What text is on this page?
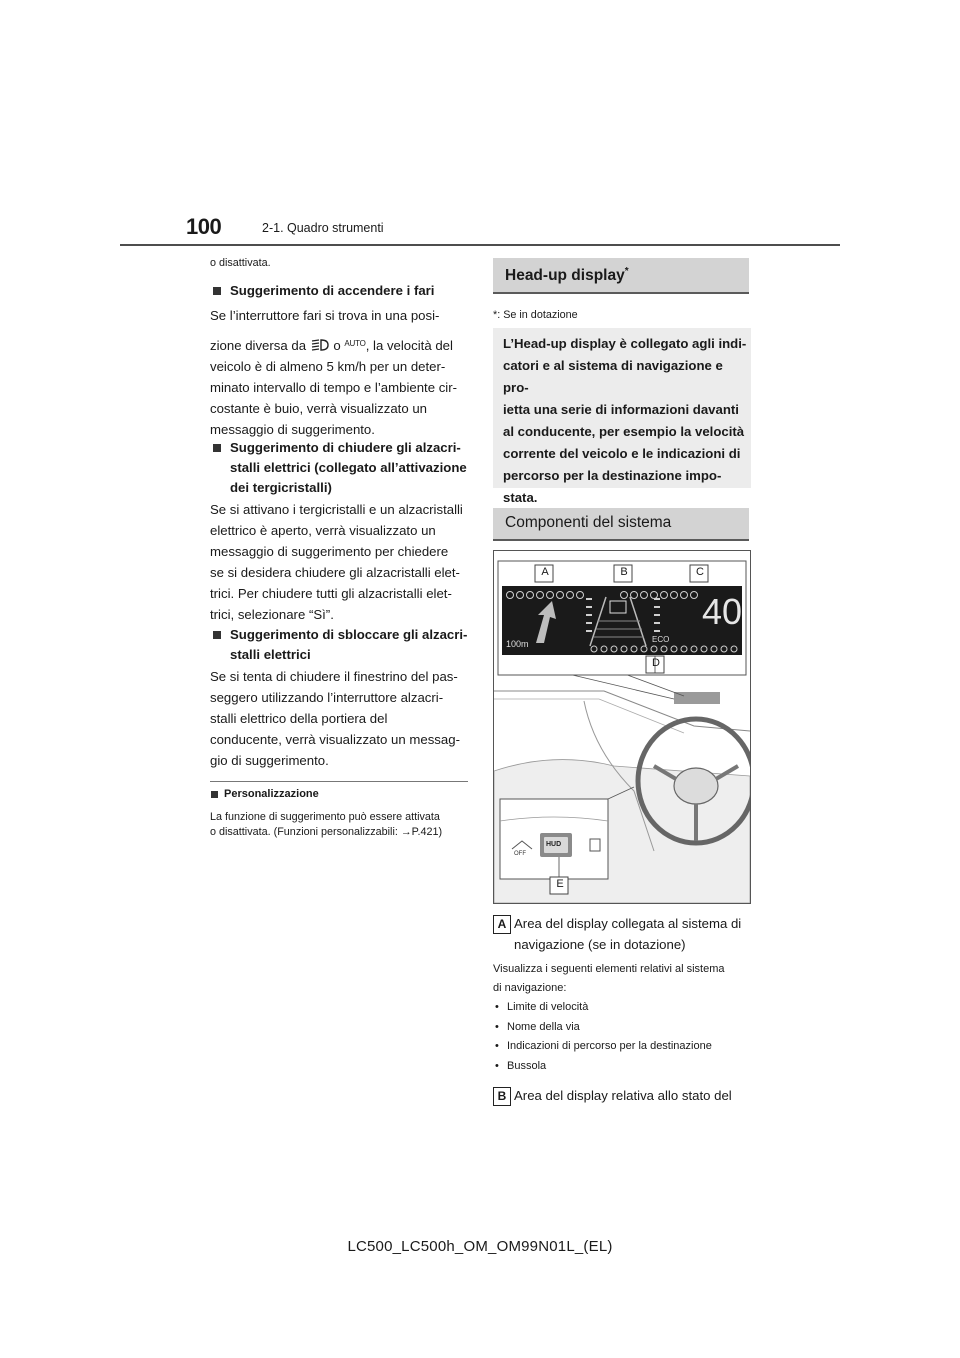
100	2-1. Quadro strumenti
o disattivata.
Suggerimento di accendere i fari
Se l’interruttore fari si trova in una posi-
zione diversa da o AUTO, la velocità del
veicolo è di almeno 5 km/h per un deter-
minato intervallo di tempo e l’ambiente cir-
costante è buio, verrà visualizzato un
messaggio di suggerimento.
Suggerimento di chiudere gli alzacri-
stalli elettrici (collegato all’attivazione
dei tergicristalli)
Se si attivano i tergicristalli e un alzacristalli
elettrico è aperto, verrà visualizzato un
messaggio di suggerimento per chiedere
se si desidera chiudere gli alzacristalli elet-
trici. Per chiudere tutti gli alzacristalli elet-
trici, selezionare “Sì”.
Suggerimento di sbloccare gli alzacri-
stalli elettrici
Se si tenta di chiudere il finestrino del pas-
seggero utilizzando l’interruttore alzacri-
stalli elettrico della portiera del
conducente, verrà visualizzato un messag-
gio di suggerimento.
Personalizzazione
La funzione di suggerimento può essere attivata
o disattivata. (Funzioni personalizzabili: →P.421)
Head-up display*
*: Se in dotazione
L’Head-up display è collegato agli indi-
catori e al sistema di navigazione e pro-
ietta una serie di informazioni davanti
al conducente, per esempio la velocità
corrente del veicolo e le indicazioni di
percorso per la destinazione impo-
stata.
Componenti del sistema
A	B	C
D
E
40
100m	ECO
HUD
OFF
A Area del display collegata al sistema di
navigazione (se in dotazione)
Visualizza i seguenti elementi relativi al sistema
di navigazione:
• Limite di velocità
• Nome della via
• Indicazioni di percorso per la destinazione
• Bussola
B Area del display relativa allo stato del
LC500_LC500h_OM_OM99N01L_(EL)
